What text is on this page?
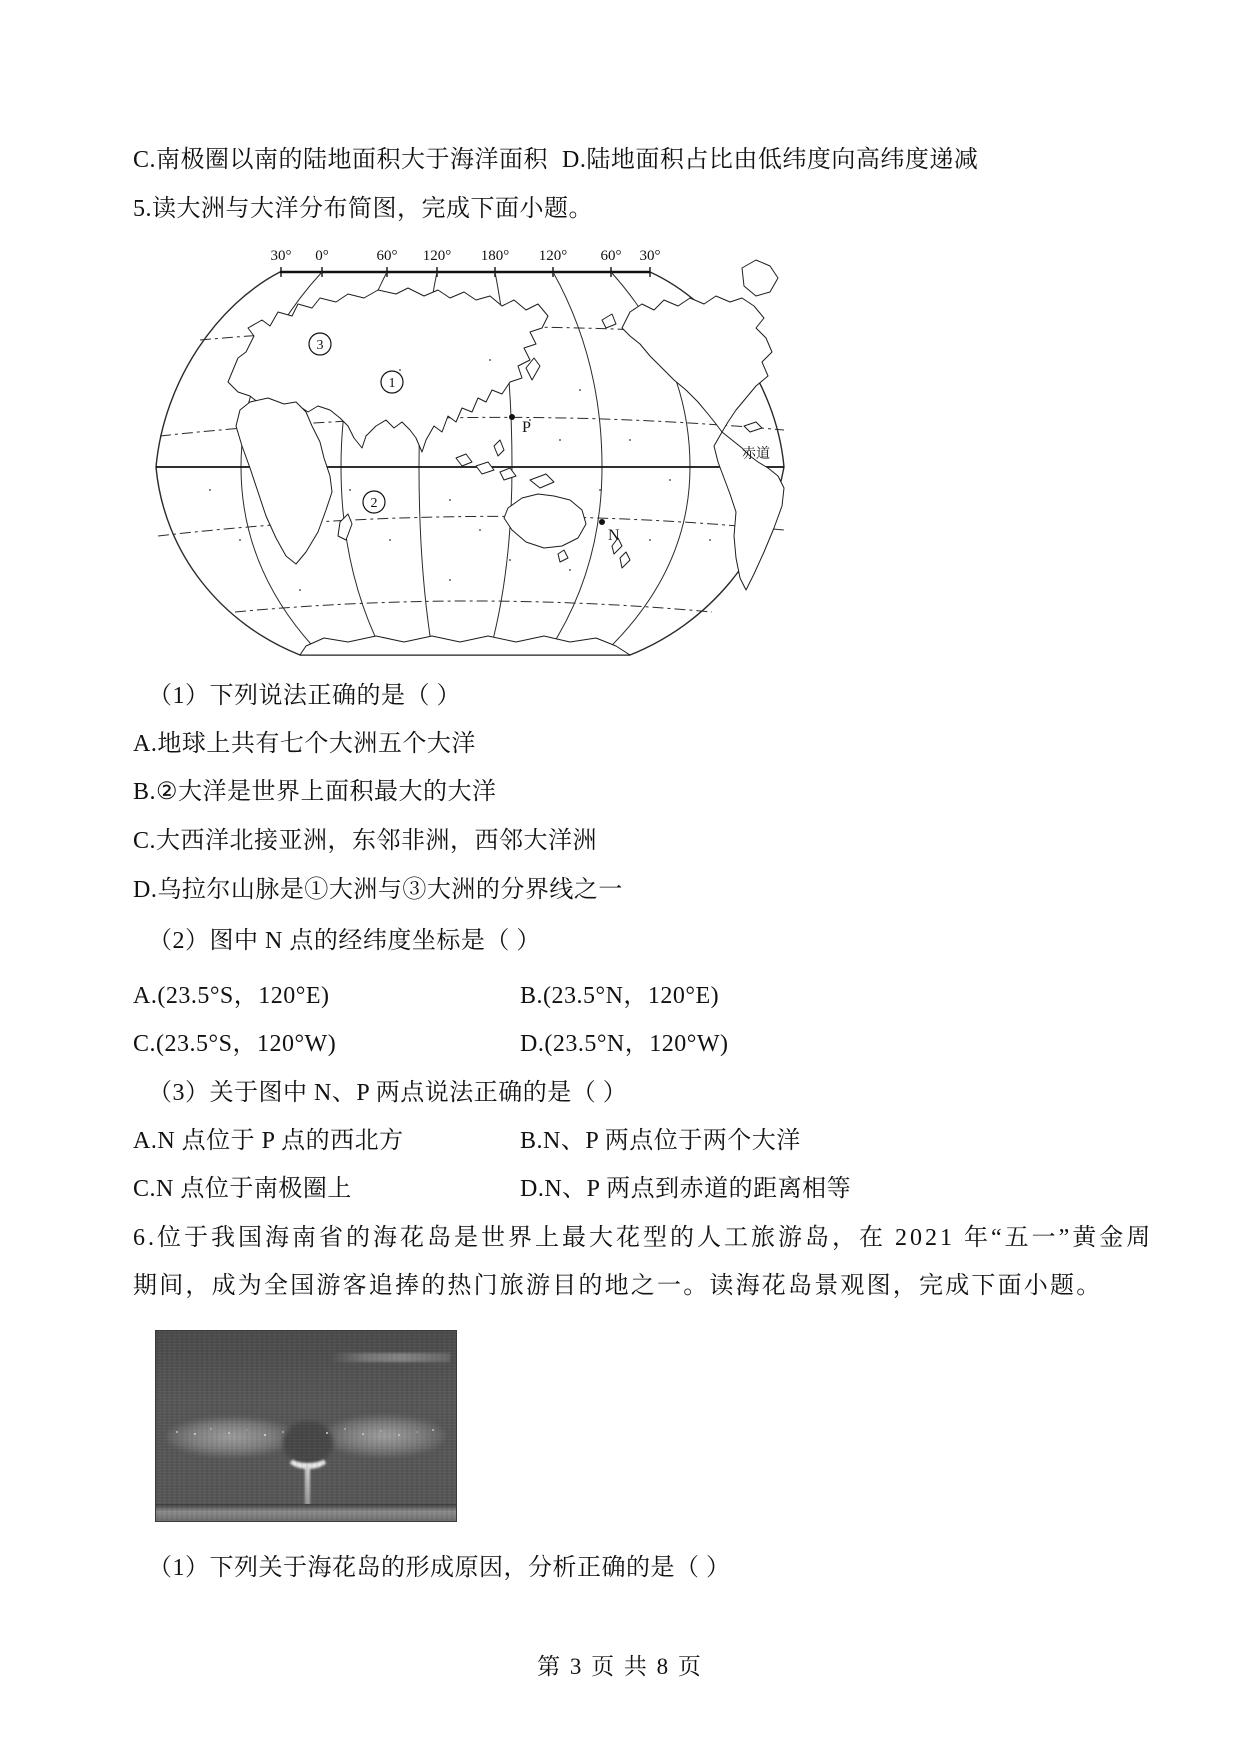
C.南极圈以南的陆地面积大于海洋面积 D.陆地面积占比由低纬度向高纬度递减
5.读大洲与大洋分布简图，完成下面小题。
30° 0°	60° 120° 180° 120° 60° 30°
3
1
2
P
N
赤道
（1）下列说法正确的是（ ）
A.地球上共有七个大洲五个大洋
B.②大洋是世界上面积最大的大洋
C.大西洋北接亚洲，东邻非洲，西邻大洋洲
D.乌拉尔山脉是①大洲与③大洲的分界线之一
（2）图中 N 点的经纬度坐标是（ ）
A.(23.5°S，120°E)	B.(23.5°N，120°E)
C.(23.5°S，120°W)	D.(23.5°N，120°W)
（3）关于图中 N、P 两点说法正确的是（ ）
A.N 点位于 P 点的西北方	B.N、P 两点位于两个大洋
C.N 点位于南极圈上	D.N、P 两点到赤道的距离相等
6.位于我国海南省的海花岛是世界上最大花型的人工旅游岛，在 2021 年“五一”黄金周
期间，成为全国游客追捧的热门旅游目的地之一。读海花岛景观图，完成下面小题。
（1）下列关于海花岛的形成原因，分析正确的是（ ）
第 3 页 共 8 页
